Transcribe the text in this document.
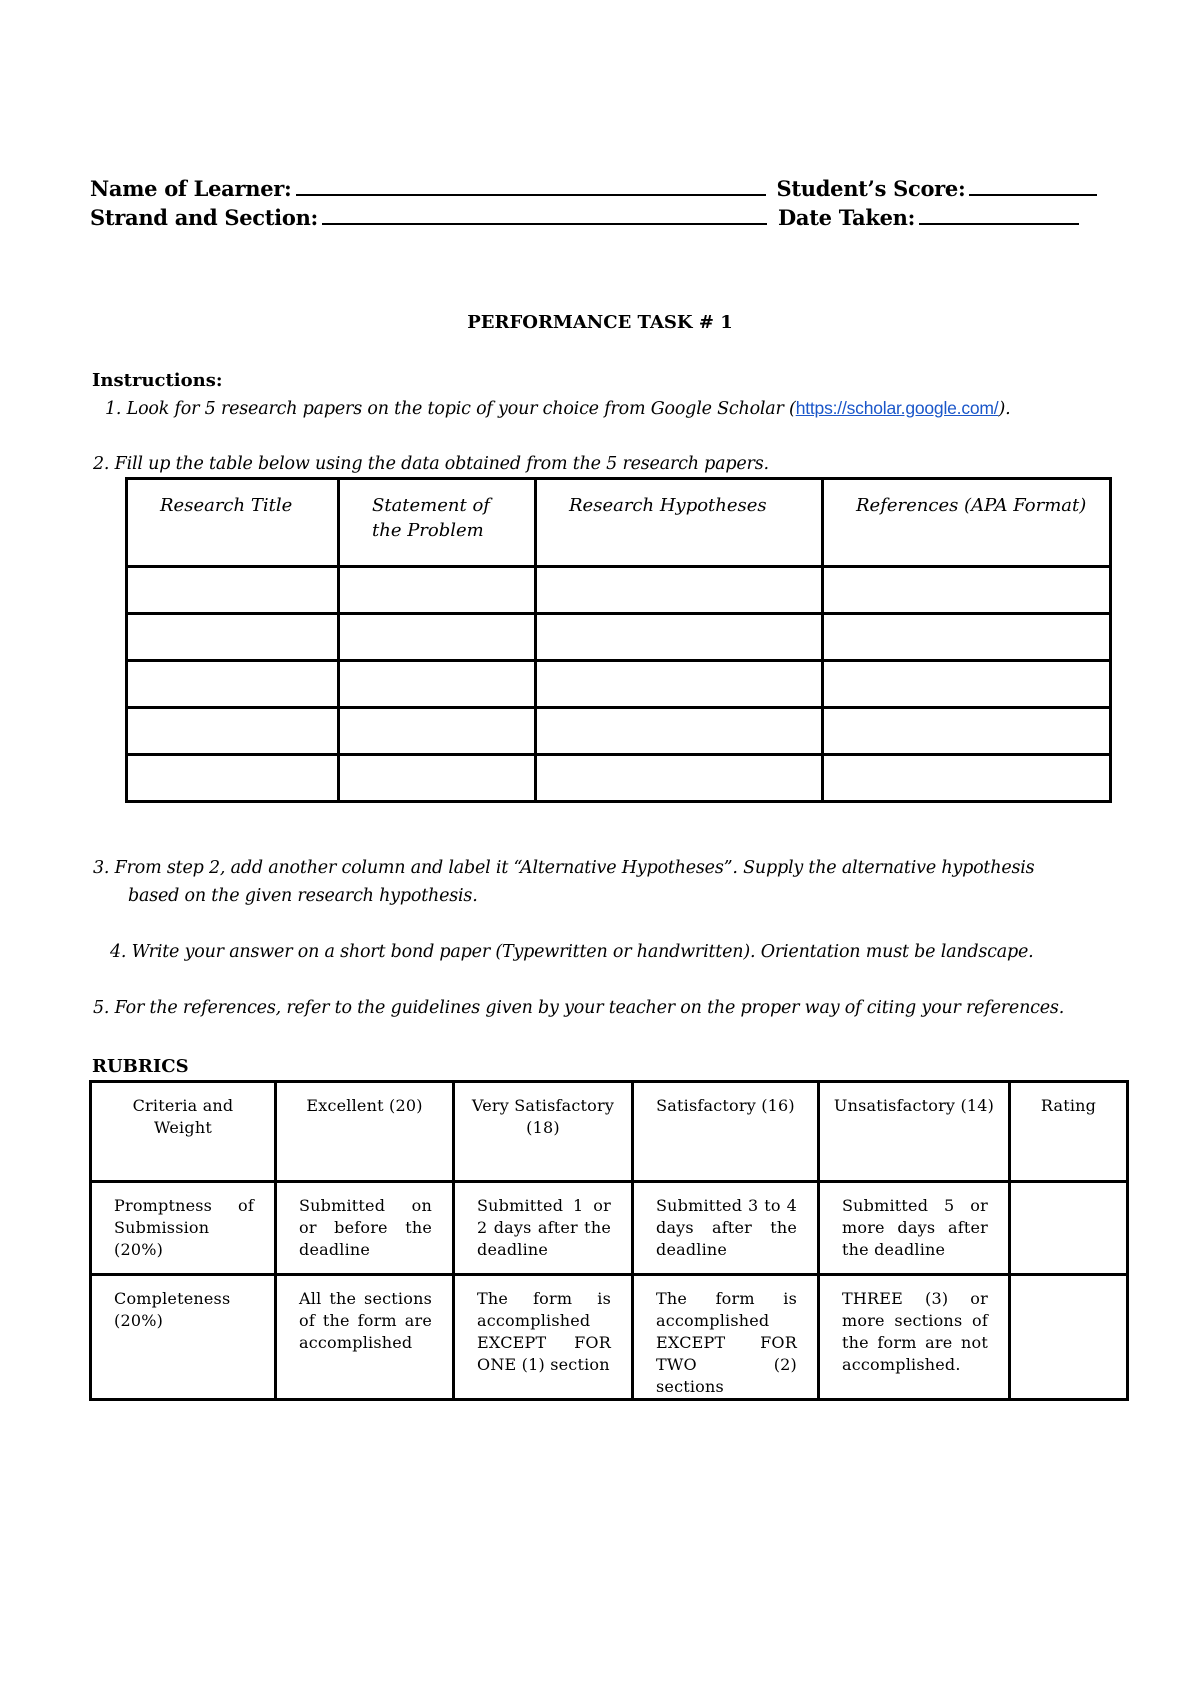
Name of Learner:	Student’s Score:
Strand and Section:	Date Taken:
PERFORMANCE TASK # 1
Instructions:
1. Look for 5 research papers on the topic of your choice from Google Scholar (https://scholar.google.com/).
2. Fill up the table below using the data obtained from the 5 research papers.
Research Title	Statement of the Problem	Research Hypotheses	References (APA Format)

3. From step 2, add another column and label it “Alternative Hypotheses”. Supply the alternative hypothesis
based on the given research hypothesis.
4. Write your answer on a short bond paper (Typewritten or handwritten). Orientation must be landscape.
5. For the references, refer to the guidelines given by your teacher on the proper way of citing your references.
RUBRICS
Criteria and Weight	Excellent (20)	Very Satisfactory (18)	Satisfactory (16)	Unsatisfactory (14)	Rating
Promptness of Submission (20%)	Submitted on or before the deadline	Submitted 1 or 2 days after the deadline	Submitted 3 to 4 days after the deadline	Submitted 5 or more days after the deadline	
Completeness (20%)	All the sections of the form are accomplished	The form is accomplished EXCEPT FOR ONE (1) section	The form is accomplished EXCEPT FOR TWO (2) sections	THREE (3) or more sections of the form are not accomplished.	
